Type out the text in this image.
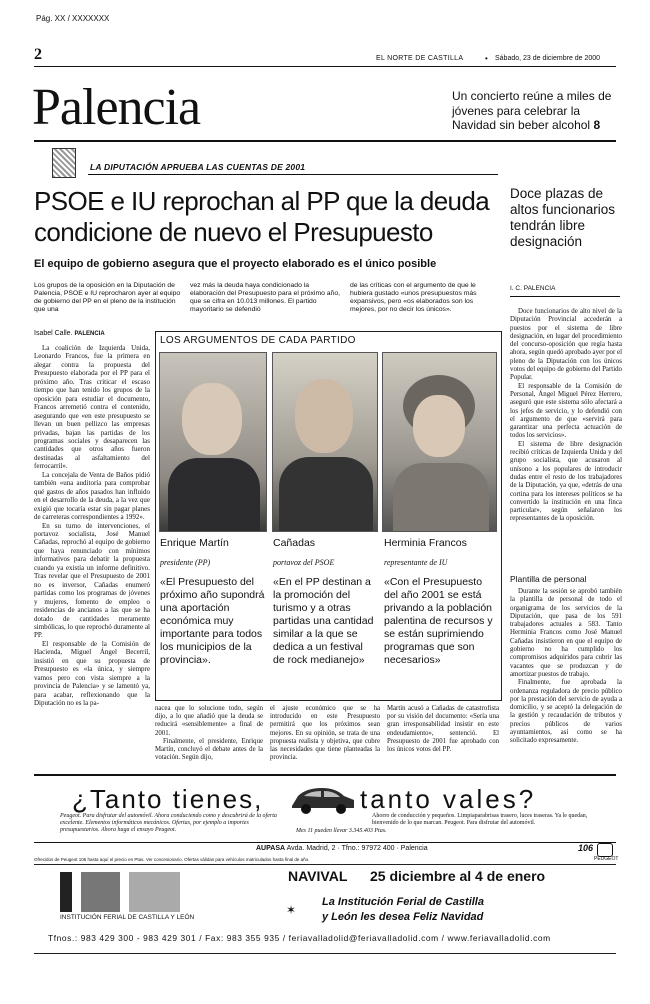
Pág. XX / XXXXXXX
2	EL NORTE DE CASTILLA	• Sábado, 23 de diciembre de 2000
Palencia	Un concierto reúne a miles de jóvenes para celebrar la Navidad sin beber alcohol 8
LA DIPUTACIÓN APRUEBA LAS CUENTAS DE 2001
PSOE e IU reprochan al PP que la deuda condicione de nuevo el Presupuesto
El equipo de gobierno asegura que el proyecto elaborado es el único posible
Los grupos de la oposición en la Diputación de Palencia, PSOE e IU reprocharon ayer al equipo de gobierno del PP en el pleno de la institución que una
vez más la deuda haya condicionado la elaboración del Presupuesto para el próximo año, que se cifra en 10.013 millones. El partido mayoritario se defendió
de las críticas con el argumento de que le hubiera gustado «unos presupuestos más expansivos, pero «os elaborados son los mejores, por no decir los únicos».
Isabel Calle. PALENCIA

La coalición de Izquierda Unida, Leonardo Francos, fue la primera en alegar contra la propuesta del Presupuesto elaborada por el PP para el próximo año. Tras criticar el escaso tiempo que han tenido los grupos de la oposición para estudiar el documento, Francos arremetió contra el contenido, asegurando que «en este presupuesto se llevan un buen pellizco las empresas privadas, bajan las partidas de los programas sociales y desaparecen las cantidades que otros años fueron destinadas al asfaltamiento del ferrocarril».

La concejala de Venta de Baños pidió también «una auditoría para comprobar qué gastos de años pasados han influido en el desarrollo de la deuda, a la vez que exigió que tocaría estar sin pagar planes de carreteras correspondientes a 1992».

En su turno de intervenciones, el portavoz socialista, José Manuel Cañadas, reprochó al equipo de gobierno que haya renunciado con mínimos informativos para debatir la propuesta cuando ya existía un informe definitivo. Tras revelar que el Presupuesto de 2001 no es inversor, Cañadas enumeró partidas como los programas de jóvenes y mujeres, fomento de empleo o residencias de ancianos a las que se ha dotado de cantidades meramente simbólicas, lo que reprochó duramente al PP.

El responsable de la Comisión de Hacienda, Miguel Ángel Becerril, insistió en que su propuesta de Presupuesto es «la única, y siempre vamos pero con vista siempre a la provincia de Palencia» y se lamentó ya, para acabar, reflexionando que la Diputación no es la pa-

LOS ARGUMENTOS DE CADA PARTIDO
Enrique Martín	Cañadas	Herminia Francos
presidente (PP)	portavoz del PSOE	representante de IU
«El Presupuesto del próximo año supondrá una aportación económica muy importante para todos los municipios de la provincia».
«En el PP destinan a la promoción del turismo y a otras partidas una cantidad similar a la que se dedica a un festival de rock medianejo»
«Con el Presupuesto del año 2001 se está privando a la población palentina de recursos y se están suprimiendo programas que son necesarios»

nacea que lo solucione todo, según dijo, a lo que añadió que la deuda se reducirá «sensiblemente» a final de 2001.

Finalmente, el presidente, Enrique Martín, concluyó el debate antes de la votación. Según dijo,

el ajuste económico que se ha introducido en este Presupuesto permitirá que los próximos sean mejores. En su opinión, se trata de una propuesta realista y objetiva, que cubre las necesidades que tiene planteadas la provincia.

Martín acusó a Cañadas de catastrofista por su visión del documento: «Sería una gran irresponsabilidad insistir en este endeudamiento», sentenció. El Presupuesto de 2001 fue aprobado con los únicos votos del PP.

Doce plazas de altos funcionarios tendrán libre designación
I. C. PALENCIA

Doce funcionarios de alto nivel de la Diputación Provincial accederán a puestos por el sistema de libre designación, en lugar del procedimiento del concurso-oposición que regía hasta ahora, según quedó aprobado ayer por el pleno de la Diputación con los únicos votos del equipo de gobierno del Partido Popular.

El responsable de la Comisión de Personal, Ángel Miguel Pérez Herrero, aseguró que este sistema sólo afectará a los jefes de servicio, y lo defendió con el argumento de que «servirá para garantizar una perfecta actuación de todos los servicios».

El sistema de libre designación recibió críticas de Izquierda Unida y del grupo socialista, que acusaron al unísono a los populares de introducir dudas entre el resto de los trabajadores de la Diputación, ya que, «detrás de una cortina para los intereses políticos se ha convertido la institución en una finca particular», según señalaron los representantes de la oposición.

Plantilla de personal

Durante la sesión se aprobó también la plantilla de personal de todo el organigrama de los servicios de la Diputación, que pasa de los 591 trabajadores actuales a 583. Tanto Herminia Francos como José Manuel Cañadas insistieron en que el equipo de gobierno no ha cumplido los compromisos adquiridos para cubrir las vacantes que se produzcan y de amortizar puestos de trabajo.

Finalmente, fue aprobada la ordenanza reguladora de precio público por la prestación del servicio de ayuda a domicilio, y se aceptó la delegación de la gestión y recaudación de tributos y precios públicos de varios ayuntamientos, así como se ha solicitado expresamente.

¿Tanto tienes,	tanto vales?
Peugeot. Para disfrutar del automóvil. Ahora conduciendo como y descubrirá de la oferta excelente. Elementos informáticos mecánicos. Ofertas, por ejemplo a importes presupuestarios. Ahora haga el ensayo Peugeot.
Ahorro de conducción y pequeños. Limpiaparabrisas trasero, luces traseras. Ya le quedan, bienvenido de lo que marcan. Peugeot. Para disfrutar del automóvil.
Mes 11 pueden llevar 3.345.403 Ptas.
AUPASA Avda. Madrid, 2 · Tfno.: 97972 400 · Palencia	106
PEUGEOT
Ofrecidos de Peugeot 106 hasta aquí el precio en Ptas. Ver concesionario. Ofertas válidas para vehículos matriculados hasta final de año.
INSTITUCIÓN FERIAL DE CASTILLA Y LEÓN
NAVIVAL 25 diciembre al 4 de enero
✶
La Institución Ferial de Castilla
y León les desea Feliz Navidad
Tfnos.: 983 429 300 - 983 429 301 / Fax: 983 355 935 / feriavalladolid@feriavalladolid.com / www.feriavalladolid.com
